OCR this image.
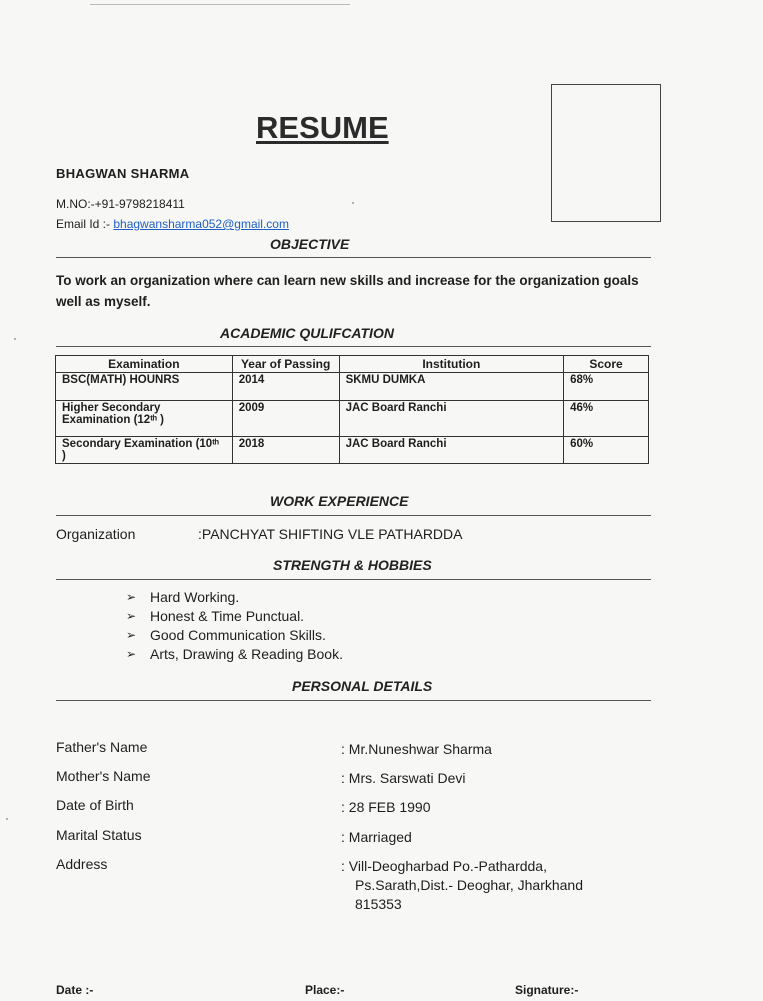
RESUME
BHAGWAN SHARMA
M.NO:-+91-9798218411
Email Id :- bhagwansharma052@gmail.com
OBJECTIVE
To work an organization where can learn new skills and increase for the organization goals well as myself.
ACADEMIC QULIFCATION
Examination	Year of Passing	Institution	Score
BSC(MATH) HOUNRS	2014	SKMU DUMKA	68%
Higher Secondary Examination (12ᵗʰ )	2009	JAC Board Ranchi	46%
Secondary Examination (10ᵗʰ )	2018	JAC Board Ranchi	60%
WORK EXPERIENCE
Organization	:PANCHYAT SHIFTING VLE PATHARDDA
STRENGTH & HOBBIES
➢ Hard Working.
➢ Honest & Time Punctual.
➢ Good Communication Skills.
➢ Arts, Drawing & Reading Book.
PERSONAL DETAILS
Father's Name	: Mr.Nuneshwar Sharma
Mother's Name	: Mrs. Sarswati Devi
Date of Birth	: 28 FEB 1990
Marital Status	: Marriaged
Address	: Vill-Deogharbad Po.-Pathardda,
Ps.Sarath,Dist.- Deoghar, Jharkhand
815353
Date :-	Place:-	Signature:-
